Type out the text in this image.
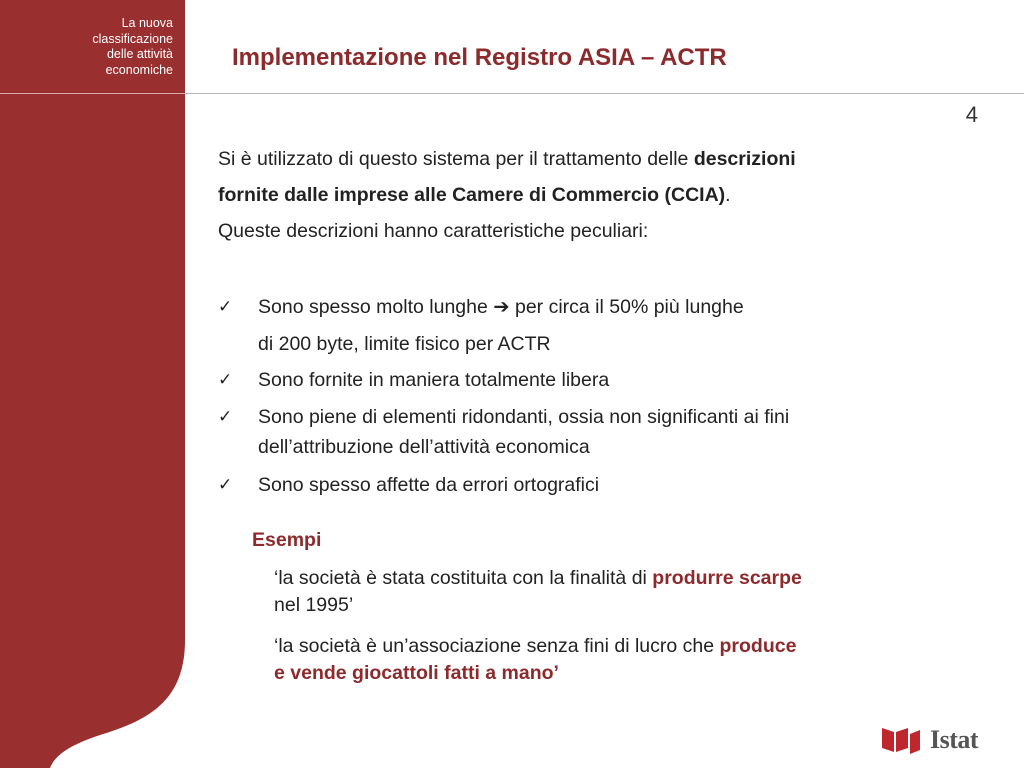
La nuova
classificazione
delle attività
economiche Implementazione nel Registro ASIA – ACTR
4
Si è utilizzato di questo sistema per il trattamento delle descrizioni
fornite dalle imprese alle Camere di Commercio (CCIA).
Queste descrizioni hanno caratteristiche peculiari:
✓	Sono spesso molto lunghe ➔ per circa il 50% più lunghe
di 200 byte, limite fisico per ACTR
✓	Sono fornite in maniera totalmente libera
✓	Sono piene di elementi ridondanti, ossia non significanti ai fini
dell’attribuzione dell’attività economica
✓	Sono spesso affette da errori ortografici
Esempi
‘la società è stata costituita con la finalità di produrre scarpe
nel 1995’
‘la società è un’associazione senza fini di lucro che produce
e vende giocattoli fatti a mano’
Istat
